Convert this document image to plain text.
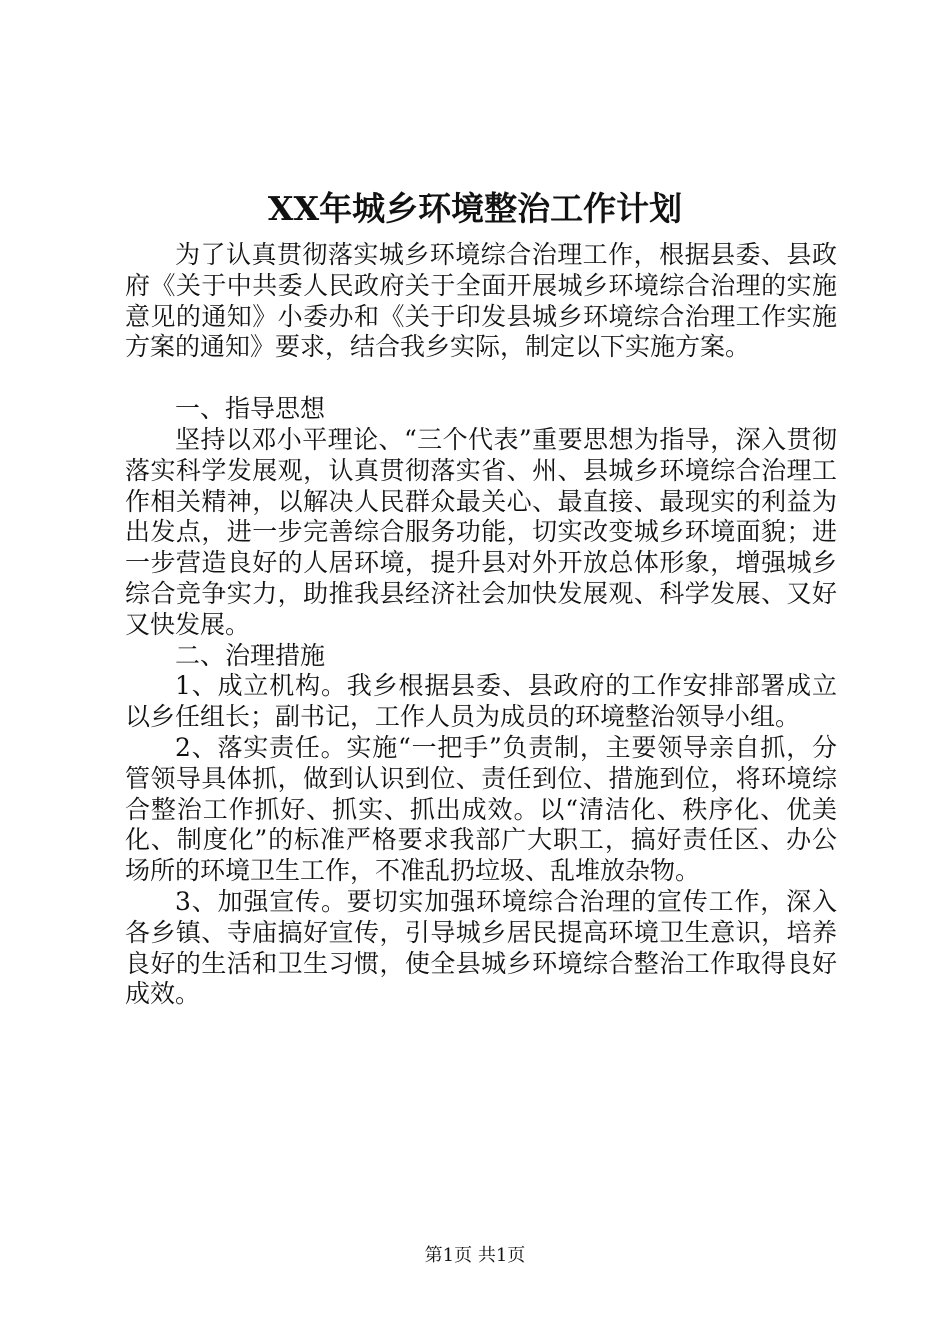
XX年城乡环境整治工作计划

为了认真贯彻落实城乡环境综合治理工作，根据县委、县政府《关于中共委人民政府关于全面开展城乡环境综合治理的实施意见的通知》小委办和《关于印发县城乡环境综合治理工作实施方案的通知》要求，结合我乡实际，制定以下实施方案。

一、指导思想

坚持以邓小平理论、“三个代表”重要思想为指导，深入贯彻落实科学发展观，认真贯彻落实省、州、县城乡环境综合治理工作相关精神，以解决人民群众最关心、最直接、最现实的利益为出发点，进一步完善综合服务功能，切实改变城乡环境面貌；进一步营造良好的人居环境，提升县对外开放总体形象，增强城乡综合竞争实力，助推我县经济社会加快发展观、科学发展、又好又快发展。

二、治理措施

1、成立机构。我乡根据县委、县政府的工作安排部署成立以乡任组长；副书记，工作人员为成员的环境整治领导小组。

2、落实责任。实施“一把手”负责制，主要领导亲自抓，分管领导具体抓，做到认识到位、责任到位、措施到位，将环境综合整治工作抓好、抓实、抓出成效。以“清洁化、秩序化、优美化、制度化”的标准严格要求我部广大职工，搞好责任区、办公场所的环境卫生工作，不准乱扔垃圾、乱堆放杂物。

3、加强宣传。要切实加强环境综合治理的宣传工作，深入各乡镇、寺庙搞好宣传，引导城乡居民提高环境卫生意识，培养良好的生活和卫生习惯，使全县城乡环境综合整治工作取得良好成效。

第1页 共1页
